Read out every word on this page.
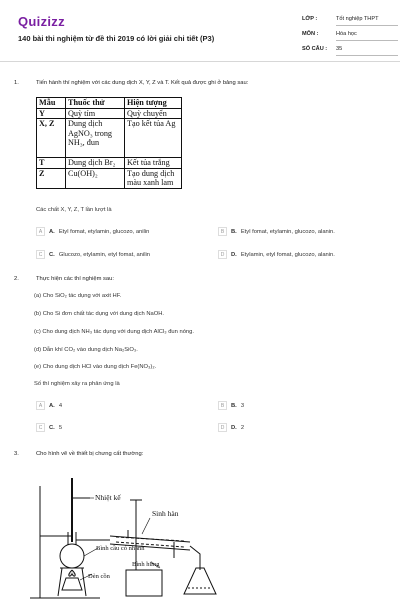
Quizizz
140 bài thi nghiệm từ đề thi 2019 có lời giải chi tiết (P3)
LỚP :	Tốt nghiệp THPT
MÔN :	Hóa học
SỐ CÂU : 35
1.	Tiến hành thí nghiệm với các dung dịch X, Y, Z và T. Kết quả được ghi ở bảng sau:
Mẫu	Thuốc thử	Hiện tượng
Y	Quỳ tím	Quỳ chuyển
X, Z	Dung dịch AgNO₃ trong NH₃, đun	Tạo kết tủa Ag
T	Dung dịch Br₂	Kết tủa trắng
Z	Cu(OH)₂	Tạo dung dịch màu xanh lam
Các chất X, Y, Z, T lần lượt là
A	A. Etyl fomat, etylamin, glucozo, anilin	B	B. Etyl fomat, etylamin, glucozo, alanin.
C	C. Glucozo, etylamin, etyl fomat, anilin	D	D. Etylamin, etyl fomat, glucozo, alanin.
2.	Thực hiện các thí nghiệm sau:
(a) Cho SiO₂ tác dụng với axit HF.
(b) Cho Si đơn chất tác dụng với dung dịch NaOH.
(c) Cho dung dịch NH₃ tác dụng với dung dịch AlCl₃ đun nóng.
(d) Dẫn khí CO₂ vào dung dịch Na₂SiO₃.
(e) Cho dung dịch HCl vào dung dịch Fe(NO₃)₂.
Số thí nghiệm xảy ra phản ứng là
A	A. 4	B	B. 3
C	C. 5	D	D. 2
3.	Cho hình vẽ về thiết bị chưng cất thường:
Nhiệt kế
Sinh hàn
Bình cầu có nhánh
Đèn cồn
Bình hứng
